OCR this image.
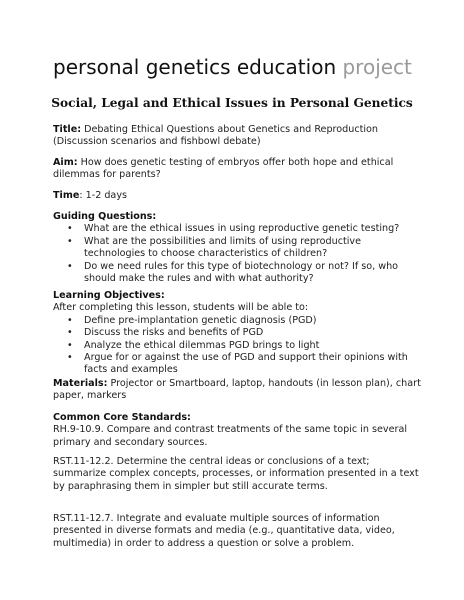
personal genetics education project
Social, Legal and Ethical Issues in Personal Genetics
Title: Debating Ethical Questions about Genetics and Reproduction (Discussion scenarios and fishbowl debate)
Aim: How does genetic testing of embryos offer both hope and ethical dilemmas for parents?
Time: 1-2 days
Guiding Questions:
• What are the ethical issues in using reproductive genetic testing?
• What are the possibilities and limits of using reproductive technologies to choose characteristics of children?
• Do we need rules for this type of biotechnology or not? If so, who should make the rules and with what authority?
Learning Objectives:
After completing this lesson, students will be able to:
• Define pre-implantation genetic diagnosis (PGD)
• Discuss the risks and benefits of PGD
• Analyze the ethical dilemmas PGD brings to light
• Argue for or against the use of PGD and support their opinions with facts and examples
Materials: Projector or Smartboard, laptop, handouts (in lesson plan), chart paper, markers
Common Core Standards:

RH.9-10.9. Compare and contrast treatments of the same topic in several primary and secondary sources.

RST.11-12.2. Determine the central ideas or conclusions of a text; summarize complex concepts, processes, or information presented in a text by paraphrasing them in simpler but still accurate terms.

RST.11-12.7. Integrate and evaluate multiple sources of information presented in diverse formats and media (e.g., quantitative data, video, multimedia) in order to address a question or solve a problem.
